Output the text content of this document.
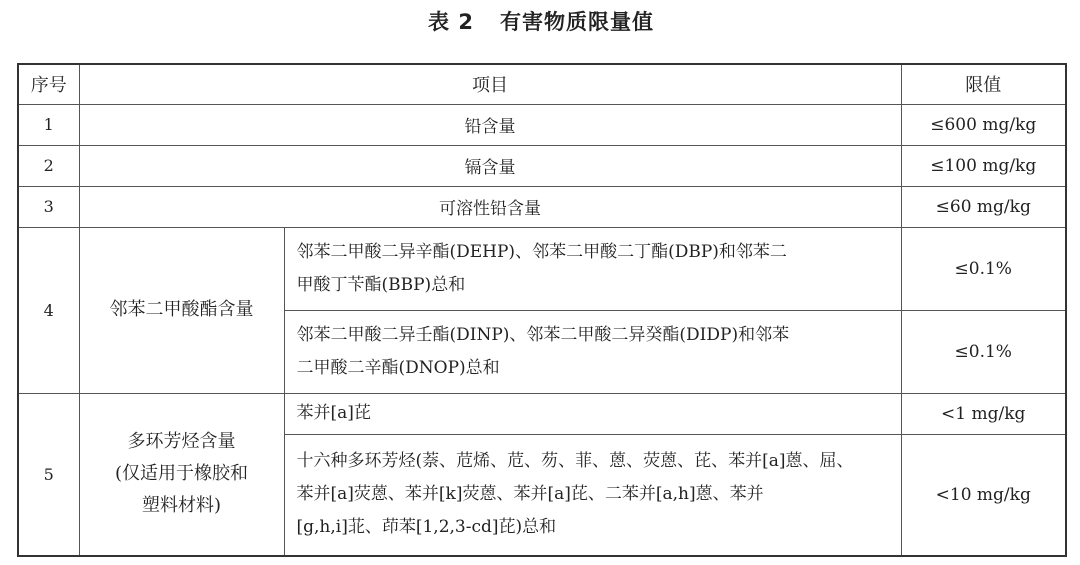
表 2 有害物质限量值
序号	项目		限值
1	铅含量		≤600 mg/kg
2	镉含量		≤100 mg/kg
3	可溶性铅含量		≤60 mg/kg
4	邻苯二甲酸酯含量	邻苯二甲酸二异辛酯(DEHP)、邻苯二甲酸二丁酯(DBP)和邻苯二
甲酸丁苄酯(BBP)总和	≤0.1%

		邻苯二甲酸二异壬酯(DINP)、邻苯二甲酸二异癸酯(DIDP)和邻苯
二甲酸二辛酯(DNOP)总和	≤0.1%
5	多环芳烃含量
(仅适用于橡胶和
塑料材料)	苯并[a]芘	<1 mg/kg

		十六种多环芳烃(萘、苊烯、苊、芴、菲、蒽、荧蒽、芘、苯并[a]蒽、屈、
苯并[a]荧蒽、苯并[k]荧蒽、苯并[a]芘、二苯并[a,h]蒽、苯并
[g,h,i]苝、茚苯[1,2,3-cd]芘)总和	<10 mg/kg
